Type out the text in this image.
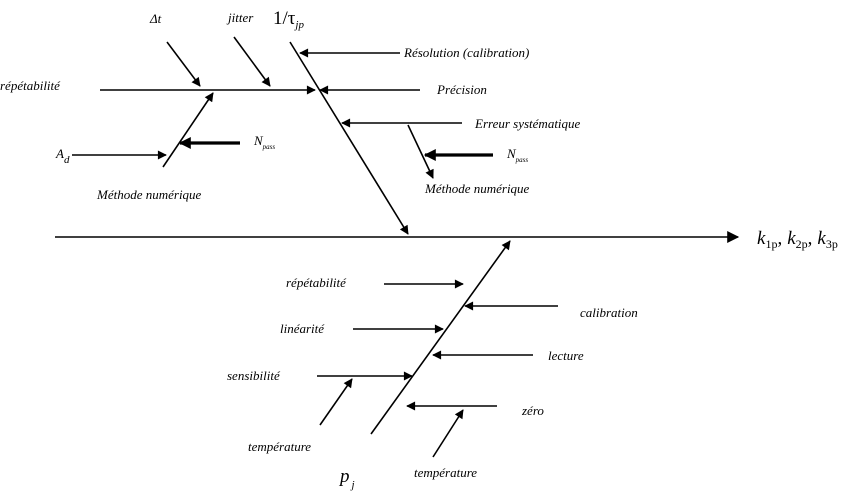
$k_{1p}$, $k_{2p}$, $k_{3p}$
$1/\tau_{jp}$
Résolution (calibration)
répétabilité	Précision
Erreur systématique
Δt	jitter
Méthode numérique
$A_d$
$N_{pass}$
Méthode numérique
$N_{pass}$
p $_j$
répétabilité
calibration
linéarité
lecture
sensibilité
zéro
température
température
